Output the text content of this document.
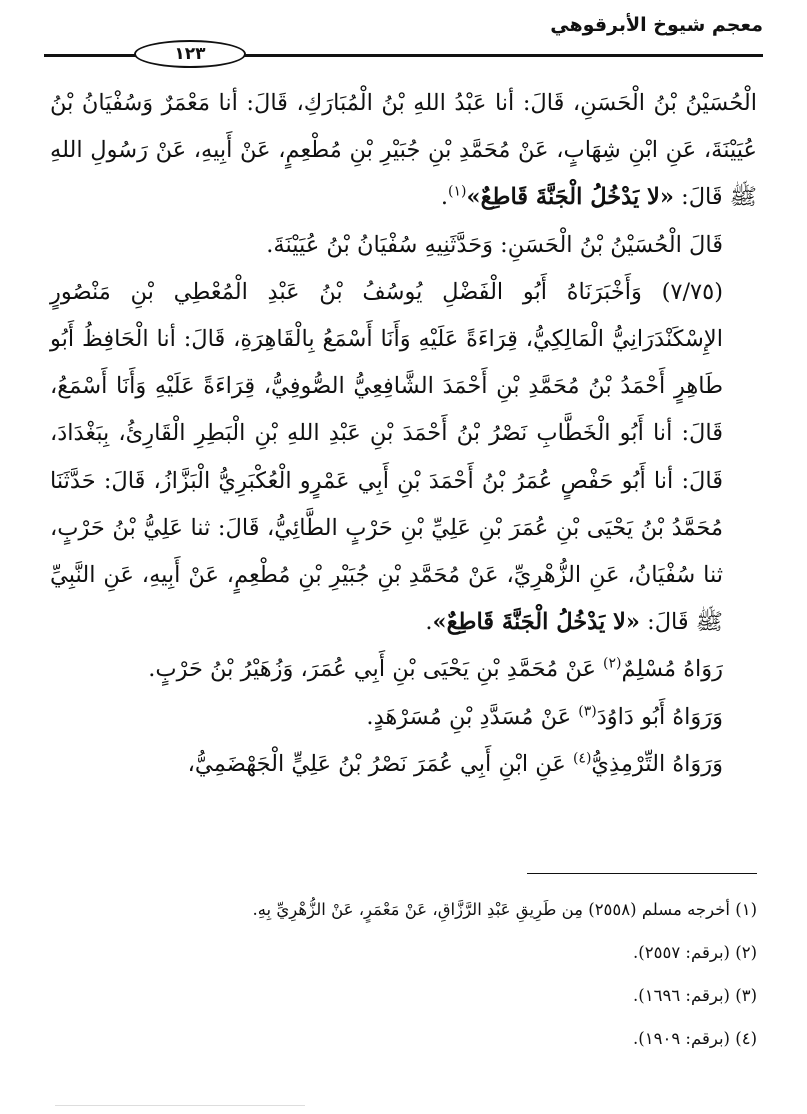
معجم شيوخ الأبرقوهي
١٢٣

الْحُسَيْنُ بْنُ الْحَسَنِ، قَالَ: أنا عَبْدُ اللهِ بْنُ الْمُبَارَكِ، قَالَ: أنا مَعْمَرٌ وَسُفْيَانُ بْنُ عُيَيْنَةَ، عَنِ ابْنِ شِهَابٍ، عَنْ مُحَمَّدِ بْنِ جُبَيْرِ بْنِ مُطْعِمٍ، عَنْ أَبِيهِ، عَنْ رَسُولِ اللهِ ﷺ قَالَ: «لا يَدْخُلُ الْجَنَّةَ قَاطِعٌ»$^{(١)}$.

قَالَ الْحُسَيْنُ بْنُ الْحَسَنِ: وَحَدَّثَنِيهِ سُفْيَانُ بْنُ عُيَيْنَةَ.

(٧/٧٥) وَأَخْبَرَنَاهُ أَبُو الْفَضْلِ يُوسُفُ بْنُ عَبْدِ الْمُعْطِي بْنِ مَنْصُورٍ الإِسْكَنْدَرَانِيُّ الْمَالِكِيُّ، قِرَاءَةً عَلَيْهِ وَأَنَا أَسْمَعُ بِالْقَاهِرَةِ، قَالَ: أنا الْحَافِظُ أَبُو طَاهِرٍ أَحْمَدُ بْنُ مُحَمَّدِ بْنِ أَحْمَدَ الشَّافِعِيُّ الصُّوفِيُّ، قِرَاءَةً عَلَيْهِ وَأَنَا أَسْمَعُ، قَالَ: أنا أَبُو الْخَطَّابِ نَصْرُ بْنُ أَحْمَدَ بْنِ عَبْدِ اللهِ بْنِ الْبَطِرِ الْقَارِئُ، بِبَغْدَادَ، قَالَ: أنا أَبُو حَفْصٍ عُمَرُ بْنُ أَحْمَدَ بْنِ أَبِي عَمْرٍو الْعُكْبَرِيُّ الْبَزَّازُ، قَالَ: حَدَّثَنَا مُحَمَّدُ بْنُ يَحْيَى بْنِ عُمَرَ بْنِ عَلِيِّ بْنِ حَرْبٍ الطَّائِيُّ، قَالَ: ثنا عَلِيُّ بْنُ حَرْبٍ، ثنا سُفْيَانُ، عَنِ الزُّهْرِيِّ، عَنْ مُحَمَّدِ بْنِ جُبَيْرِ بْنِ مُطْعِمٍ، عَنْ أَبِيهِ، عَنِ النَّبِيِّ ﷺ قَالَ: «لا يَدْخُلُ الْجَنَّةَ قَاطِعٌ».

رَوَاهُ مُسْلِمٌ$^{(٢)}$ عَنْ مُحَمَّدِ بْنِ يَحْيَى بْنِ أَبِي عُمَرَ، وَزُهَيْرُ بْنُ حَرْبٍ.

وَرَوَاهُ أَبُو دَاوُدَ$^{(٣)}$ عَنْ مُسَدَّدِ بْنِ مُسَرْهَدٍ.

وَرَوَاهُ التِّرْمِذِيُّ$^{(٤)}$ عَنِ ابْنِ أَبِي عُمَرَ نَصْرُ بْنُ عَلِيٍّ الْجَهْضَمِيُّ،

(١) أخرجه مسلم (٢٥٥٨) مِن طَرِيقِ عَبْدِ الرَّزَّاقِ، عَنْ مَعْمَرٍ، عَنْ الزُّهْرِيِّ بِهِ.

(٢) (برقم: ٢٥٥٧).

(٣) (برقم: ١٦٩٦).

(٤) (برقم: ١٩٠٩).
